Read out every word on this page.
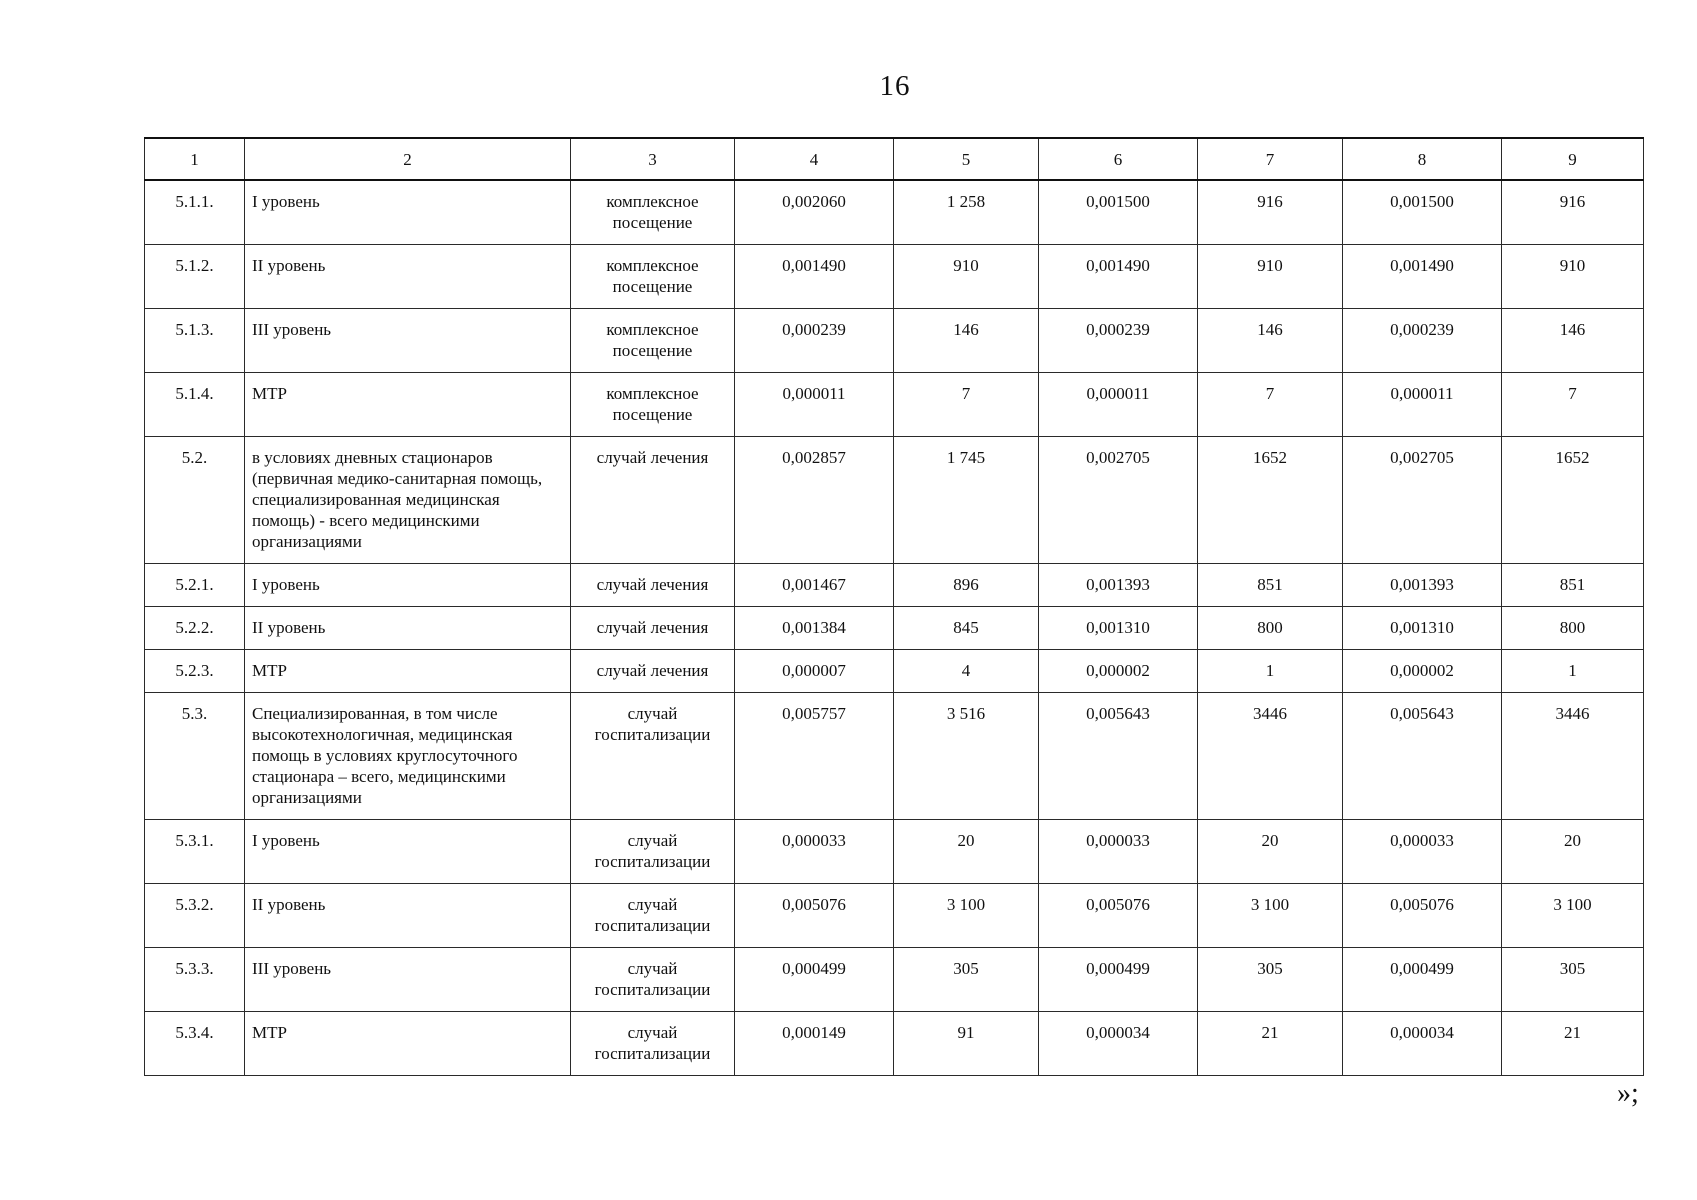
16
1	2	3	4	5	6	7	8	9
5.1.1.	I уровень	комплексное посещение	0,002060	1 258	0,001500	916	0,001500	916
5.1.2.	II уровень	комплексное посещение	0,001490	910	0,001490	910	0,001490	910
5.1.3.	III уровень	комплексное посещение	0,000239	146	0,000239	146	0,000239	146
5.1.4.	МТР	комплексное посещение	0,000011	7	0,000011	7	0,000011	7
5.2.	в условиях дневных стационаров (первичная медико-санитарная помощь, специализированная медицинская помощь) - всего медицинскими организациями	случай лечения	0,002857	1 745	0,002705	1652	0,002705	1652
5.2.1.	I уровень	случай лечения	0,001467	896	0,001393	851	0,001393	851
5.2.2.	II уровень	случай лечения	0,001384	845	0,001310	800	0,001310	800
5.2.3.	МТР	случай лечения	0,000007	4	0,000002	1	0,000002	1
5.3.	Специализированная, в том числе высокотехнологичная, медицинская помощь в условиях круглосуточного стационара – всего, медицинскими организациями	случай госпитализации	0,005757	3 516	0,005643	3446	0,005643	3446
5.3.1.	I уровень	случай госпитализации	0,000033	20	0,000033	20	0,000033	20
5.3.2.	II уровень	случай госпитализации	0,005076	3 100	0,005076	3 100	0,005076	3 100
5.3.3.	III уровень	случай госпитализации	0,000499	305	0,000499	305	0,000499	305
5.3.4.	МТР	случай госпитализации	0,000149	91	0,000034	21	0,000034	21
»;
